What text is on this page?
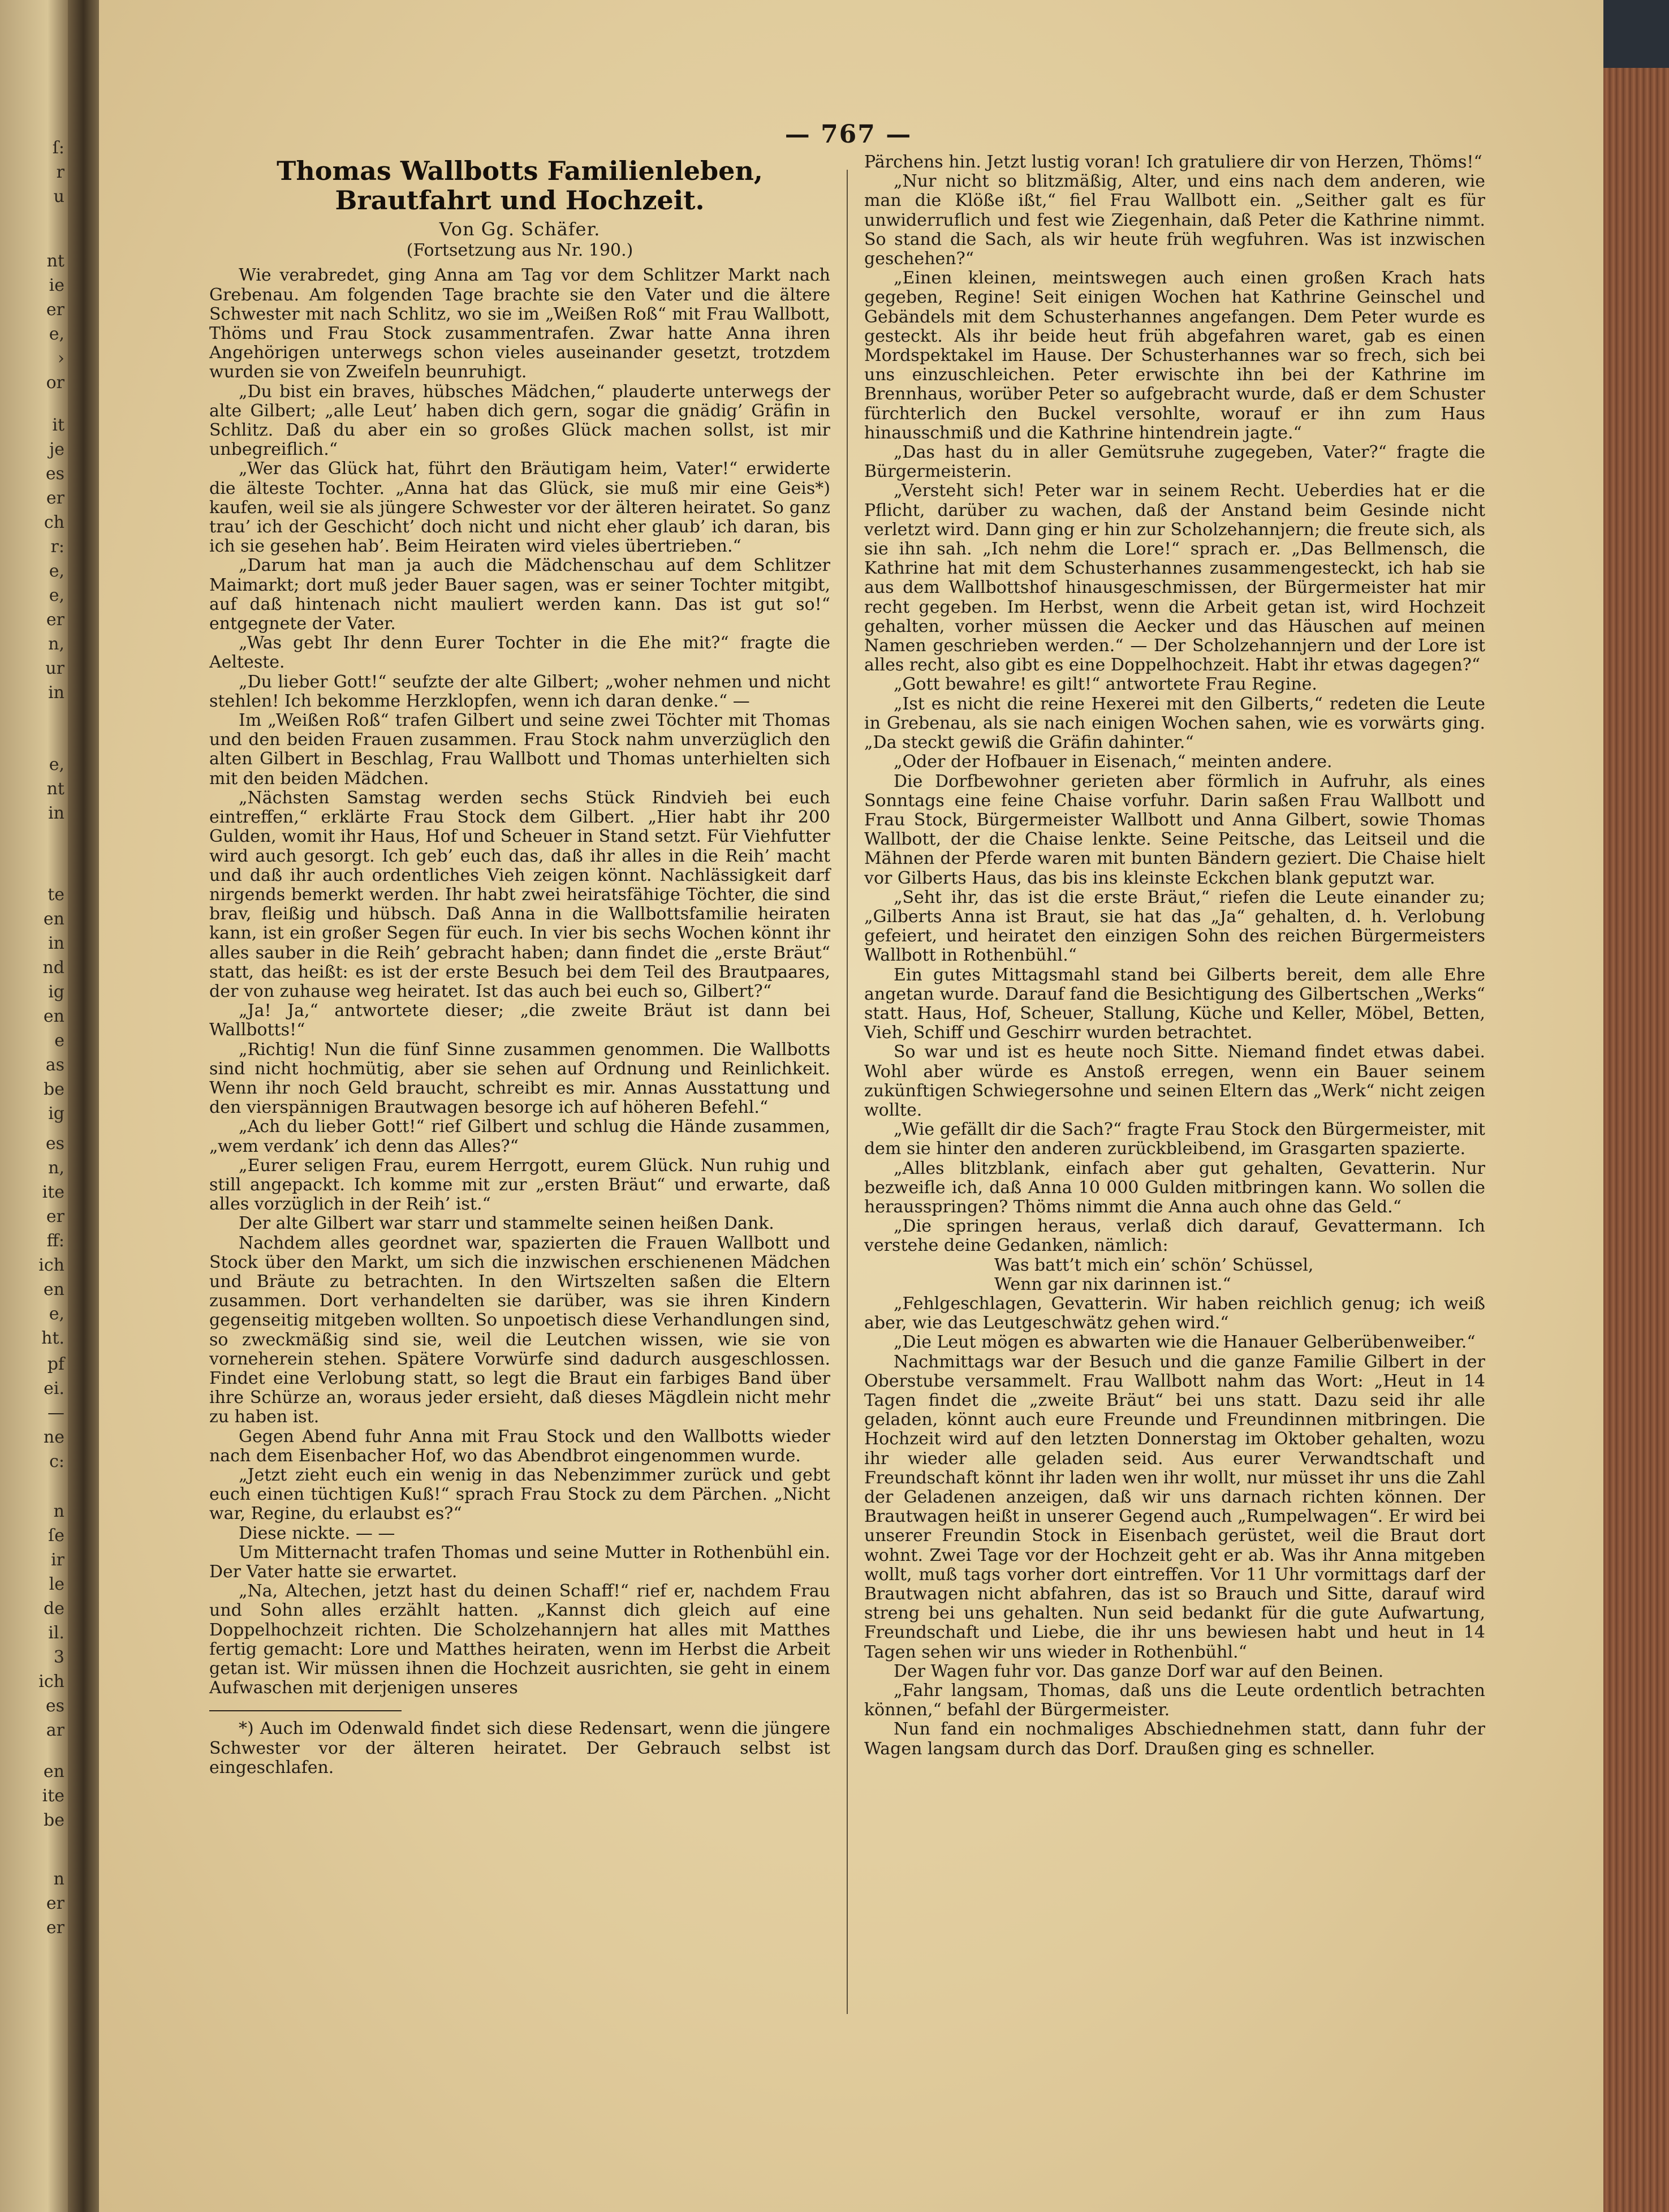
ſ:
r
u
nt
ie
er
e,
›
or
it
je
es
er
ch
r:
e,
e,
er
n,
ur
in
e,
nt
in
te
en
in
nd
ig
en
e
as
be
ig
es
n,
ite
er
ff:
ich
en
e,
ht.
pf
ei.
—
ne
c:
n
ſe
ir
le
de
il.
3
ich
es
ar
en
ite
be
n
er
er
— 767 —
Thomas Wallbotts Familienleben, Brautfahrt und Hochzeit.
Von Gg. Schäfer.
(Fortsetzung aus Nr. 190.)

Wie verabredet, ging Anna am Tag vor dem Schlitzer Markt nach Grebenau. Am folgenden Tage brachte sie den Vater und die ältere Schwester mit nach Schlitz, wo sie im „Weißen Roß“ mit Frau Wallbott, Thöms und Frau Stock zusammentrafen. Zwar hatte Anna ihren Angehörigen unterwegs schon vieles auseinander gesetzt, trotzdem wurden sie von Zweifeln beunruhigt.

„Du bist ein braves, hübsches Mädchen,“ plauderte unterwegs der alte Gilbert; „alle Leut’ haben dich gern, sogar die gnädig’ Gräfin in Schlitz. Daß du aber ein so großes Glück machen sollst, ist mir unbegreiflich.“

„Wer das Glück hat, führt den Bräutigam heim, Vater!“ erwiderte die älteste Tochter. „Anna hat das Glück, sie muß mir eine Geis*) kaufen, weil sie als jüngere Schwester vor der älteren heiratet. So ganz trau’ ich der Geschicht’ doch nicht und nicht eher glaub’ ich daran, bis ich sie gesehen hab’. Beim Heiraten wird vieles übertrieben.“

„Darum hat man ja auch die Mädchenschau auf dem Schlitzer Maimarkt; dort muß jeder Bauer sagen, was er seiner Tochter mitgibt, auf daß hintenach nicht mauliert werden kann. Das ist gut so!“ entgegnete der Vater.

„Was gebt Ihr denn Eurer Tochter in die Ehe mit?“ fragte die Aelteste.

„Du lieber Gott!“ seufzte der alte Gilbert; „woher nehmen und nicht stehlen! Ich bekomme Herzklopfen, wenn ich daran denke.“ —

Im „Weißen Roß“ trafen Gilbert und seine zwei Töchter mit Thomas und den beiden Frauen zusammen. Frau Stock nahm unverzüglich den alten Gilbert in Beschlag, Frau Wallbott und Thomas unterhielten sich mit den beiden Mädchen.

„Nächsten Samstag werden sechs Stück Rindvieh bei euch eintreffen,“ erklärte Frau Stock dem Gilbert. „Hier habt ihr 200 Gulden, womit ihr Haus, Hof und Scheuer in Stand setzt. Für Viehfutter wird auch gesorgt. Ich geb’ euch das, daß ihr alles in die Reih’ macht und daß ihr auch ordentliches Vieh zeigen könnt. Nachlässigkeit darf nirgends bemerkt werden. Ihr habt zwei heiratsfähige Töchter, die sind brav, fleißig und hübsch. Daß Anna in die Wallbottsfamilie heiraten kann, ist ein großer Segen für euch. In vier bis sechs Wochen könnt ihr alles sauber in die Reih’ gebracht haben; dann findet die „erste Bräut“ statt, das heißt: es ist der erste Besuch bei dem Teil des Brautpaares, der von zuhause weg heiratet. Ist das auch bei euch so, Gilbert?“

„Ja! Ja,“ antwortete dieser; „die zweite Bräut ist dann bei Wallbotts!“

„Richtig! Nun die fünf Sinne zusammen genommen. Die Wallbotts sind nicht hochmütig, aber sie sehen auf Ordnung und Reinlichkeit. Wenn ihr noch Geld braucht, schreibt es mir. Annas Ausstattung und den vierspännigen Brautwagen besorge ich auf höheren Befehl.“

„Ach du lieber Gott!“ rief Gilbert und schlug die Hände zusammen, „wem verdank’ ich denn das Alles?“

„Eurer seligen Frau, eurem Herrgott, eurem Glück. Nun ruhig und still angepackt. Ich komme mit zur „ersten Bräut“ und erwarte, daß alles vorzüglich in der Reih’ ist.“

Der alte Gilbert war starr und stammelte seinen heißen Dank.

Nachdem alles geordnet war, spazierten die Frauen Wallbott und Stock über den Markt, um sich die inzwischen erschienenen Mädchen und Bräute zu betrachten. In den Wirtszelten saßen die Eltern zusammen. Dort verhandelten sie darüber, was sie ihren Kindern gegenseitig mitgeben wollten. So unpoetisch diese Verhandlungen sind, so zweckmäßig sind sie, weil die Leutchen wissen, wie sie von vorneherein stehen. Spätere Vorwürfe sind dadurch ausgeschlossen. Findet eine Verlobung statt, so legt die Braut ein farbiges Band über ihre Schürze an, woraus jeder ersieht, daß dieses Mägdlein nicht mehr zu haben ist.

Gegen Abend fuhr Anna mit Frau Stock und den Wallbotts wieder nach dem Eisenbacher Hof, wo das Abendbrot eingenommen wurde.

„Jetzt zieht euch ein wenig in das Nebenzimmer zurück und gebt euch einen tüchtigen Kuß!“ sprach Frau Stock zu dem Pärchen. „Nicht war, Regine, du erlaubst es?“

Diese nickte. — —

Um Mitternacht trafen Thomas und seine Mutter in Rothenbühl ein. Der Vater hatte sie erwartet.

„Na, Altechen, jetzt hast du deinen Schaff!“ rief er, nachdem Frau und Sohn alles erzählt hatten. „Kannst dich gleich auf eine Doppelhochzeit richten. Die Scholzehannjern hat alles mit Matthes fertig gemacht: Lore und Matthes heiraten, wenn im Herbst die Arbeit getan ist. Wir müssen ihnen die Hochzeit ausrichten, sie geht in einem Aufwaschen mit derjenigen unseres

*) Auch im Odenwald findet sich diese Redensart, wenn die jüngere Schwester vor der älteren heiratet. Der Gebrauch selbst ist eingeschlafen.

Pärchens hin. Jetzt lustig voran! Ich gratuliere dir von Herzen, Thöms!“

„Nur nicht so blitzmäßig, Alter, und eins nach dem anderen, wie man die Klöße ißt,“ fiel Frau Wallbott ein. „Seither galt es für unwiderruflich und fest wie Ziegenhain, daß Peter die Kathrine nimmt. So stand die Sach, als wir heute früh wegfuhren. Was ist inzwischen geschehen?“

„Einen kleinen, meintswegen auch einen großen Krach hats gegeben, Regine! Seit einigen Wochen hat Kathrine Geinschel und Gebändels mit dem Schusterhannes angefangen. Dem Peter wurde es gesteckt. Als ihr beide heut früh abgefahren waret, gab es einen Mordspektakel im Hause. Der Schusterhannes war so frech, sich bei uns einzuschleichen. Peter erwischte ihn bei der Kathrine im Brennhaus, worüber Peter so aufgebracht wurde, daß er dem Schuster fürchterlich den Buckel versohlte, worauf er ihn zum Haus hinausschmiß und die Kathrine hintendrein jagte.“

„Das hast du in aller Gemütsruhe zugegeben, Vater?“ fragte die Bürgermeisterin.

„Versteht sich! Peter war in seinem Recht. Ueberdies hat er die Pflicht, darüber zu wachen, daß der Anstand beim Gesinde nicht verletzt wird. Dann ging er hin zur Scholzehannjern; die freute sich, als sie ihn sah. „Ich nehm die Lore!“ sprach er. „Das Bellmensch, die Kathrine hat mit dem Schusterhannes zusammengesteckt, ich hab sie aus dem Wallbottshof hinausgeschmissen, der Bürgermeister hat mir recht gegeben. Im Herbst, wenn die Arbeit getan ist, wird Hochzeit gehalten, vorher müssen die Aecker und das Häuschen auf meinen Namen geschrieben werden.“ — Der Scholzehannjern und der Lore ist alles recht, also gibt es eine Doppelhochzeit. Habt ihr etwas dagegen?“

„Gott bewahre! es gilt!“ antwortete Frau Regine.

„Ist es nicht die reine Hexerei mit den Gilberts,“ redeten die Leute in Grebenau, als sie nach einigen Wochen sahen, wie es vorwärts ging. „Da steckt gewiß die Gräfin dahinter.“

„Oder der Hofbauer in Eisenach,“ meinten andere.

Die Dorfbewohner gerieten aber förmlich in Aufruhr, als eines Sonntags eine feine Chaise vorfuhr. Darin saßen Frau Wallbott und Frau Stock, Bürgermeister Wallbott und Anna Gilbert, sowie Thomas Wallbott, der die Chaise lenkte. Seine Peitsche, das Leitseil und die Mähnen der Pferde waren mit bunten Bändern geziert. Die Chaise hielt vor Gilberts Haus, das bis ins kleinste Eckchen blank geputzt war.

„Seht ihr, das ist die erste Bräut,“ riefen die Leute einander zu; „Gilberts Anna ist Braut, sie hat das „Ja“ gehalten, d. h. Verlobung gefeiert, und heiratet den einzigen Sohn des reichen Bürgermeisters Wallbott in Rothenbühl.“

Ein gutes Mittagsmahl stand bei Gilberts bereit, dem alle Ehre angetan wurde. Darauf fand die Besichtigung des Gilbertschen „Werks“ statt. Haus, Hof, Scheuer, Stallung, Küche und Keller, Möbel, Betten, Vieh, Schiff und Geschirr wurden betrachtet.

So war und ist es heute noch Sitte. Niemand findet etwas dabei. Wohl aber würde es Anstoß erregen, wenn ein Bauer seinem zukünftigen Schwiegersohne und seinen Eltern das „Werk“ nicht zeigen wollte.

„Wie gefällt dir die Sach?“ fragte Frau Stock den Bürgermeister, mit dem sie hinter den anderen zurückbleibend, im Grasgarten spazierte.

„Alles blitzblank, einfach aber gut gehalten, Gevatterin. Nur bezweifle ich, daß Anna 10 000 Gulden mitbringen kann. Wo sollen die herausspringen? Thöms nimmt die Anna auch ohne das Geld.“

„Die springen heraus, verlaß dich darauf, Gevattermann. Ich verstehe deine Gedanken, nämlich:

Was batt’t mich ein’ schön’ Schüssel,

Wenn gar nix darinnen ist.“

„Fehlgeschlagen, Gevatterin. Wir haben reichlich genug; ich weiß aber, wie das Leutgeschwätz gehen wird.“

„Die Leut mögen es abwarten wie die Hanauer Gelberübenweiber.“

Nachmittags war der Besuch und die ganze Familie Gilbert in der Oberstube versammelt. Frau Wallbott nahm das Wort: „Heut in 14 Tagen findet die „zweite Bräut“ bei uns statt. Dazu seid ihr alle geladen, könnt auch eure Freunde und Freundinnen mitbringen. Die Hochzeit wird auf den letzten Donnerstag im Oktober gehalten, wozu ihr wieder alle geladen seid. Aus eurer Verwandtschaft und Freundschaft könnt ihr laden wen ihr wollt, nur müsset ihr uns die Zahl der Geladenen anzeigen, daß wir uns darnach richten können. Der Brautwagen heißt in unserer Gegend auch „Rumpelwagen“. Er wird bei unserer Freundin Stock in Eisenbach gerüstet, weil die Braut dort wohnt. Zwei Tage vor der Hochzeit geht er ab. Was ihr Anna mitgeben wollt, muß tags vorher dort eintreffen. Vor 11 Uhr vormittags darf der Brautwagen nicht abfahren, das ist so Brauch und Sitte, darauf wird streng bei uns gehalten. Nun seid bedankt für die gute Aufwartung, Freundschaft und Liebe, die ihr uns bewiesen habt und heut in 14 Tagen sehen wir uns wieder in Rothenbühl.“

Der Wagen fuhr vor. Das ganze Dorf war auf den Beinen.

„Fahr langsam, Thomas, daß uns die Leute ordentlich betrachten können,“ befahl der Bürgermeister.

Nun fand ein nochmaliges Abschiednehmen statt, dann fuhr der Wagen langsam durch das Dorf. Draußen ging es schneller.
